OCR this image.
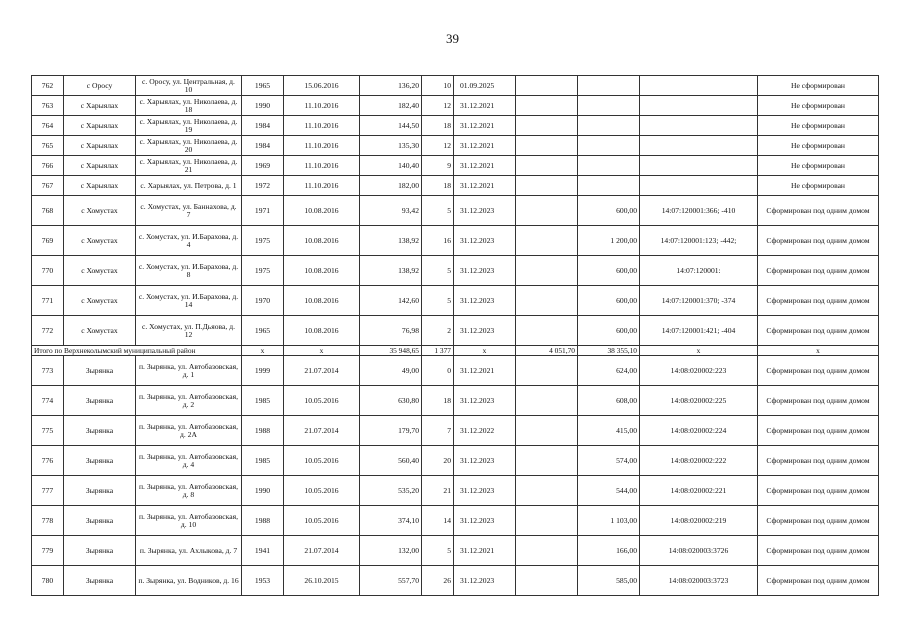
39
762	с Оросу	с. Оросу, ул. Центральная, д. 10	1965	15.06.2016	136,20	10	01.09.2025				Не сформирован
763	с Харыялах	с. Харыялах, ул. Николаева, д. 18	1990	11.10.2016	182,40	12	31.12.2021				Не сформирован
764	с Харыялах	с. Харыялах, ул. Николаева, д. 19	1984	11.10.2016	144,50	18	31.12.2021				Не сформирован
765	с Харыялах	с. Харыялах, ул. Николаева, д. 20	1984	11.10.2016	135,30	12	31.12.2021				Не сформирован
766	с Харыялах	с. Харыялах, ул. Николаева, д. 21	1969	11.10.2016	140,40	9	31.12.2021				Не сформирован
767	с Харыялах	с. Харыялах, ул. Петрова, д. 1	1972	11.10.2016	182,00	18	31.12.2021				Не сформирован
768	с Хомустах	с. Хомустах, ул. Баннахова, д. 7	1971	10.08.2016	93,42	5	31.12.2023		600,00	14:07:120001:366; -410	Сформирован под одним домом
769	с Хомустах	с. Хомустах, ул. И.Барахова, д. 4	1975	10.08.2016	138,92	16	31.12.2023		1 200,00	14:07:120001:123; -442;	Сформирован под одним домом
770	с Хомустах	с. Хомустах, ул. И.Барахова, д. 8	1975	10.08.2016	138,92	5	31.12.2023		600,00	14:07:120001:	Сформирован под одним домом
771	с Хомустах	с. Хомустах, ул. И.Барахова, д. 14	1970	10.08.2016	142,60	5	31.12.2023		600,00	14:07:120001:370; -374	Сформирован под одним домом
772	с Хомустах	с. Хомустах, ул. П.Дьяова, д. 12	1965	10.08.2016	76,98	2	31.12.2023		600,00	14:07:120001:421; -404	Сформирован под одним домом
Итого по Верхнеколымский муниципальный район			x	x	35 948,65	1 377	x	4 051,70	38 355,10	x	x
773	Зырянка	п. Зырянка, ул. Автобазовская, д. 1	1999	21.07.2014	49,00	0	31.12.2021		624,00	14:08:020002:223	Сформирован под одним домом
774	Зырянка	п. Зырянка, ул. Автобазовская, д. 2	1985	10.05.2016	630,80	18	31.12.2023		608,00	14:08:020002:225	Сформирован под одним домом
775	Зырянка	п. Зырянка, ул. Автобазовская, д. 2А	1988	21.07.2014	179,70	7	31.12.2022		415,00	14:08:020002:224	Сформирован под одним домом
776	Зырянка	п. Зырянка, ул. Автобазовская, д. 4	1985	10.05.2016	560,40	20	31.12.2023		574,00	14:08:020002:222	Сформирован под одним домом
777	Зырянка	п. Зырянка, ул. Автобазовская, д. 8	1990	10.05.2016	535,20	21	31.12.2023		544,00	14:08:020002:221	Сформирован под одним домом
778	Зырянка	п. Зырянка, ул. Автобазовская, д. 10	1988	10.05.2016	374,10	14	31.12.2023		1 103,00	14:08:020002:219	Сформирован под одним домом
779	Зырянка	п. Зырянка, ул. Ахлыкова, д. 7	1941	21.07.2014	132,00	5	31.12.2021		166,00	14:08:020003:3726	Сформирован под одним домом
780	Зырянка	п. Зырянка, ул. Водников, д. 16	1953	26.10.2015	557,70	26	31.12.2023		585,00	14:08:020003:3723	Сформирован под одним домом
